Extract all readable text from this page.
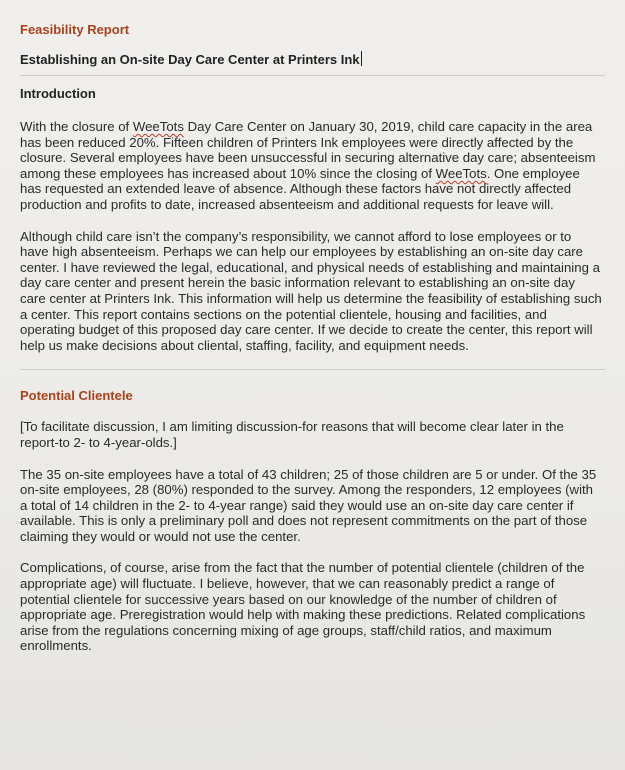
Feasibility Report
Establishing an On-site Day Care Center at Printers Ink
Introduction

With the closure of WeeTots Day Care Center on January 30, 2019, child care capacity in the area has been reduced 20%. Fifteen children of Printers Ink employees were directly affected by the closure. Several employees have been unsuccessful in securing alternative day care; absenteeism among these employees has increased about 10% since the closing of WeeTots. One employee has requested an extended leave of absence. Although these factors have not directly affected production and profits to date, increased absenteeism and additional requests for leave will.

Although child care isn’t the company’s responsibility, we cannot afford to lose employees or to have high absenteeism. Perhaps we can help our employees by establishing an on-site day care center. I have reviewed the legal, educational, and physical needs of establishing and maintaining a day care center and present herein the basic information relevant to establishing an on-site day care center at Printers Ink. This information will help us determine the feasibility of establishing such a center. This report contains sections on the potential clientele, housing and facilities, and operating budget of this proposed day care center. If we decide to create the center, this report will help us make decisions about cliental, staffing, facility, and equipment needs.

Potential Clientele

[To facilitate discussion, I am limiting discussion-for reasons that will become clear later in the report-to 2- to 4-year-olds.]

The 35 on-site employees have a total of 43 children; 25 of those children are 5 or under. Of the 35 on-site employees, 28 (80%) responded to the survey. Among the responders, 12 employees (with a total of 14 children in the 2- to 4-year range) said they would use an on-site day care center if available. This is only a preliminary poll and does not represent commitments on the part of those claiming they would or would not use the center.

Complications, of course, arise from the fact that the number of potential clientele (children of the appropriate age) will fluctuate. I believe, however, that we can reasonably predict a range of potential clientele for successive years based on our knowledge of the number of children of appropriate age. Preregistration would help with making these predictions. Related complications arise from the regulations concerning mixing of age groups, staff/child ratios, and maximum enrollments.
